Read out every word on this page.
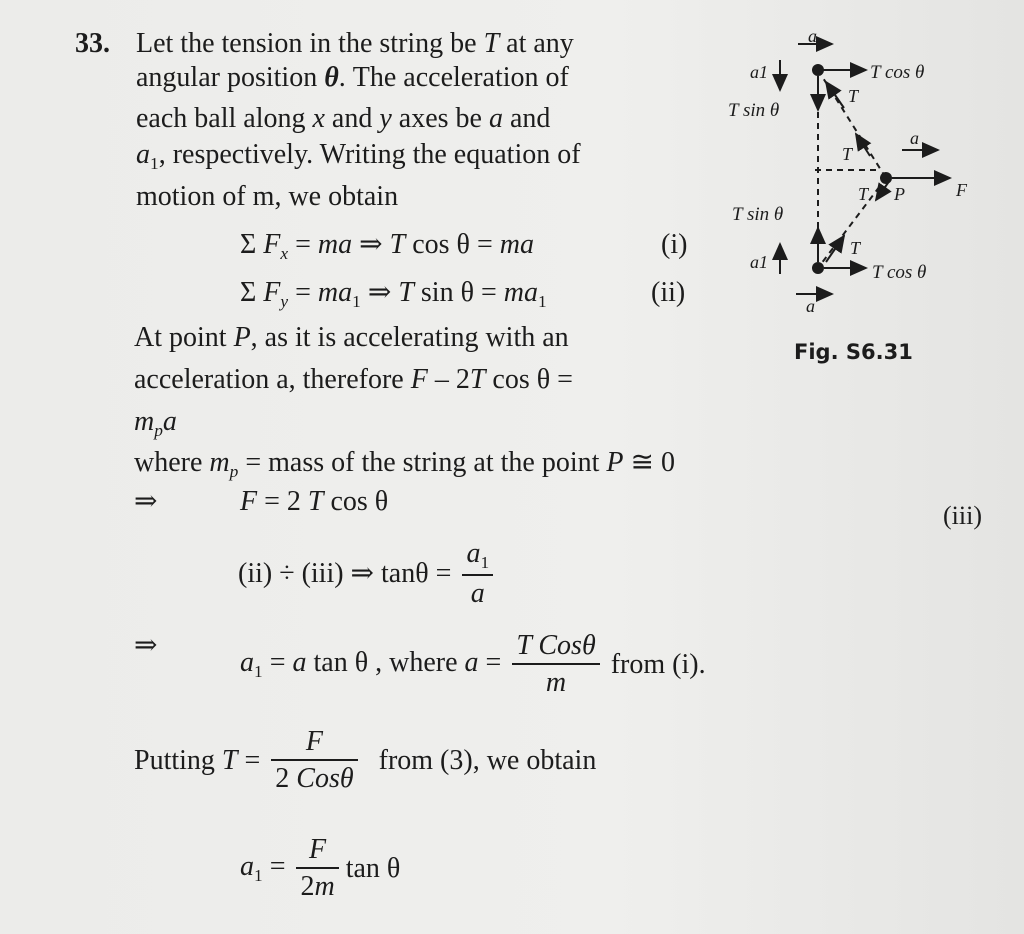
33. Let the tension in the string be T at any
angular position θ. The acceleration of
each ball along x and y axes be a and
$a_1$, respectively. Writing the equation of
motion of m, we obtain
Σ $F_x$ = ma ⇒ T cos θ = ma	(i)
Σ $F_y = ma_1$ ⇒ T $\sin \theta = ma_1$	(ii)
At point P, as it is accelerating with an
acceleration a, therefore F – 2T cos θ =
$m_pa$
where $m_p$ = mass of the string at the point P ≅ 0
⇒	F = 2 T cos θ	(iii)
(ii) ÷ (iii) ⇒ $\tan\theta = \frac{a_1}{a}$
⇒
$a_1 = a$ tan θ , where $a = \frac{\text{T Cosθ}}{m}$ from (i).
Putting $T = \frac{F}{\text{2 Cosθ}}$ from (3), we obtain
$a_1 = \frac{F}{2m}$ tan θ
a
a1	T cos θ
T sin θ
T
T
a
T P	F
T sin θ
a1
T
T cos θ
a
Fig. S6.31
